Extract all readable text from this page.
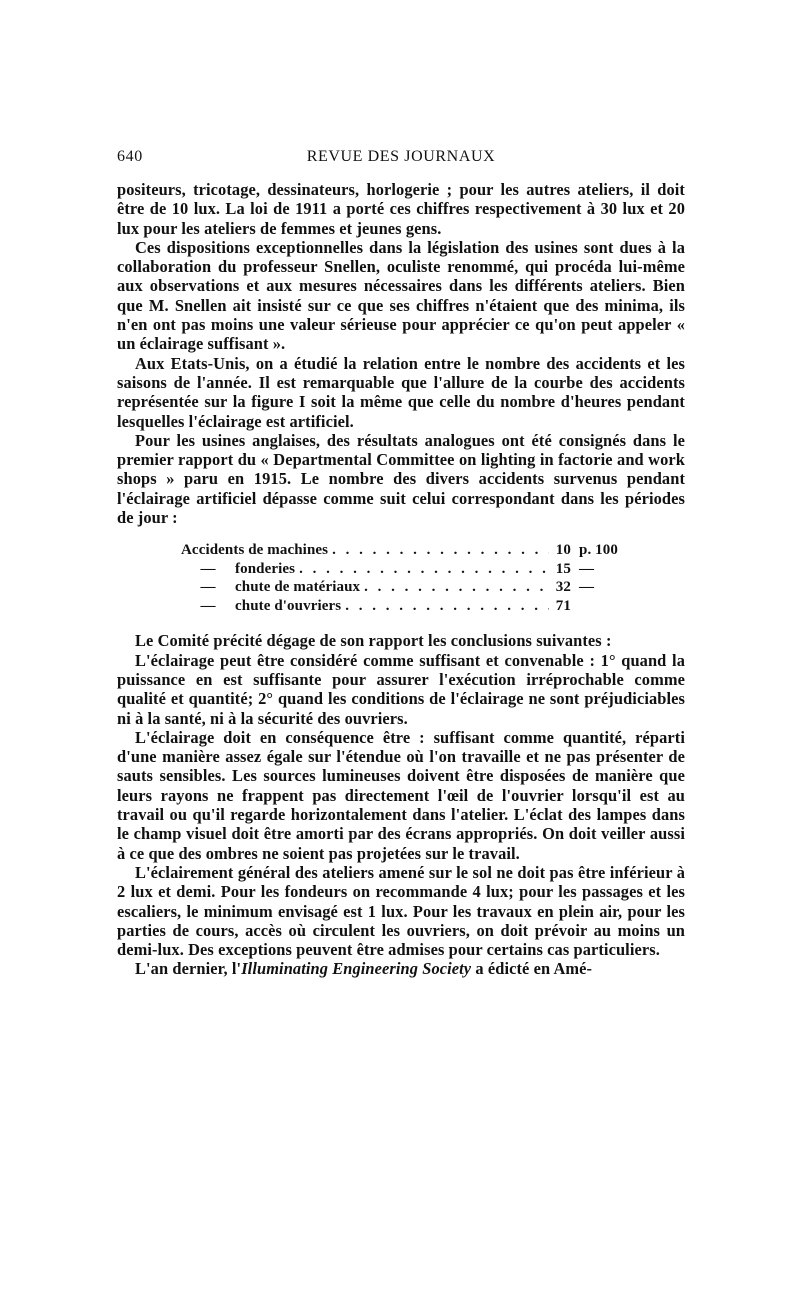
640	REVUE DES JOURNAUX

positeurs, tricotage, dessinateurs, horlogerie ; pour les autres ateliers, il doit être de 10 lux. La loi de 1911 a porté ces chiffres respectivement à 30 lux et 20 lux pour les ateliers de femmes et jeunes gens.

Ces dispositions exceptionnelles dans la législation des usines sont dues à la collaboration du professeur Snellen, oculiste renommé, qui procéda lui-même aux observations et aux mesures nécessaires dans les différents ateliers. Bien que M. Snellen ait insisté sur ce que ses chiffres n'étaient que des minima, ils n'en ont pas moins une valeur sérieuse pour apprécier ce qu'on peut appeler « un éclairage suffisant ».

Aux Etats-Unis, on a étudié la relation entre le nombre des accidents et les saisons de l'année. Il est remarquable que l'allure de la courbe des accidents représentée sur la figure I soit la même que celle du nombre d'heures pendant lesquelles l'éclairage est artificiel.

Pour les usines anglaises, des résultats analogues ont été consignés dans le premier rapport du « Departmental Committee on lighting in factorie and work shops » paru en 1915. Le nombre des divers accidents survenus pendant l'éclairage artificiel dépasse comme suit celui correspondant dans les périodes de jour :

Accidents de machines . . .	10 p. 100
—	fonderies . . .	15 —
—	chute de matériaux . . .	32 —
—	chute d'ouvriers . . .	71

Le Comité précité dégage de son rapport les conclusions suivantes :

L'éclairage peut être considéré comme suffisant et convenable : 1° quand la puissance en est suffisante pour assurer l'exécution irréprochable comme qualité et quantité; 2° quand les conditions de l'éclairage ne sont préjudiciables ni à la santé, ni à la sécurité des ouvriers.

L'éclairage doit en conséquence être : suffisant comme quantité, réparti d'une manière assez égale sur l'étendue où l'on travaille et ne pas présenter de sauts sensibles. Les sources lumineuses doivent être disposées de manière que leurs rayons ne frappent pas directement l'œil de l'ouvrier lorsqu'il est au travail ou qu'il regarde horizontalement dans l'atelier. L'éclat des lampes dans le champ visuel doit être amorti par des écrans appropriés. On doit veiller aussi à ce que des ombres ne soient pas projetées sur le travail.

L'éclairement général des ateliers amené sur le sol ne doit pas être inférieur à 2 lux et demi. Pour les fondeurs on recommande 4 lux; pour les passages et les escaliers, le minimum envisagé est 1 lux. Pour les travaux en plein air, pour les parties de cours, accès où circulent les ouvriers, on doit prévoir au moins un demi-lux. Des exceptions peuvent être admises pour certains cas particuliers.

L'an dernier, l'Illuminating Engineering Society a édicté en Amé-
